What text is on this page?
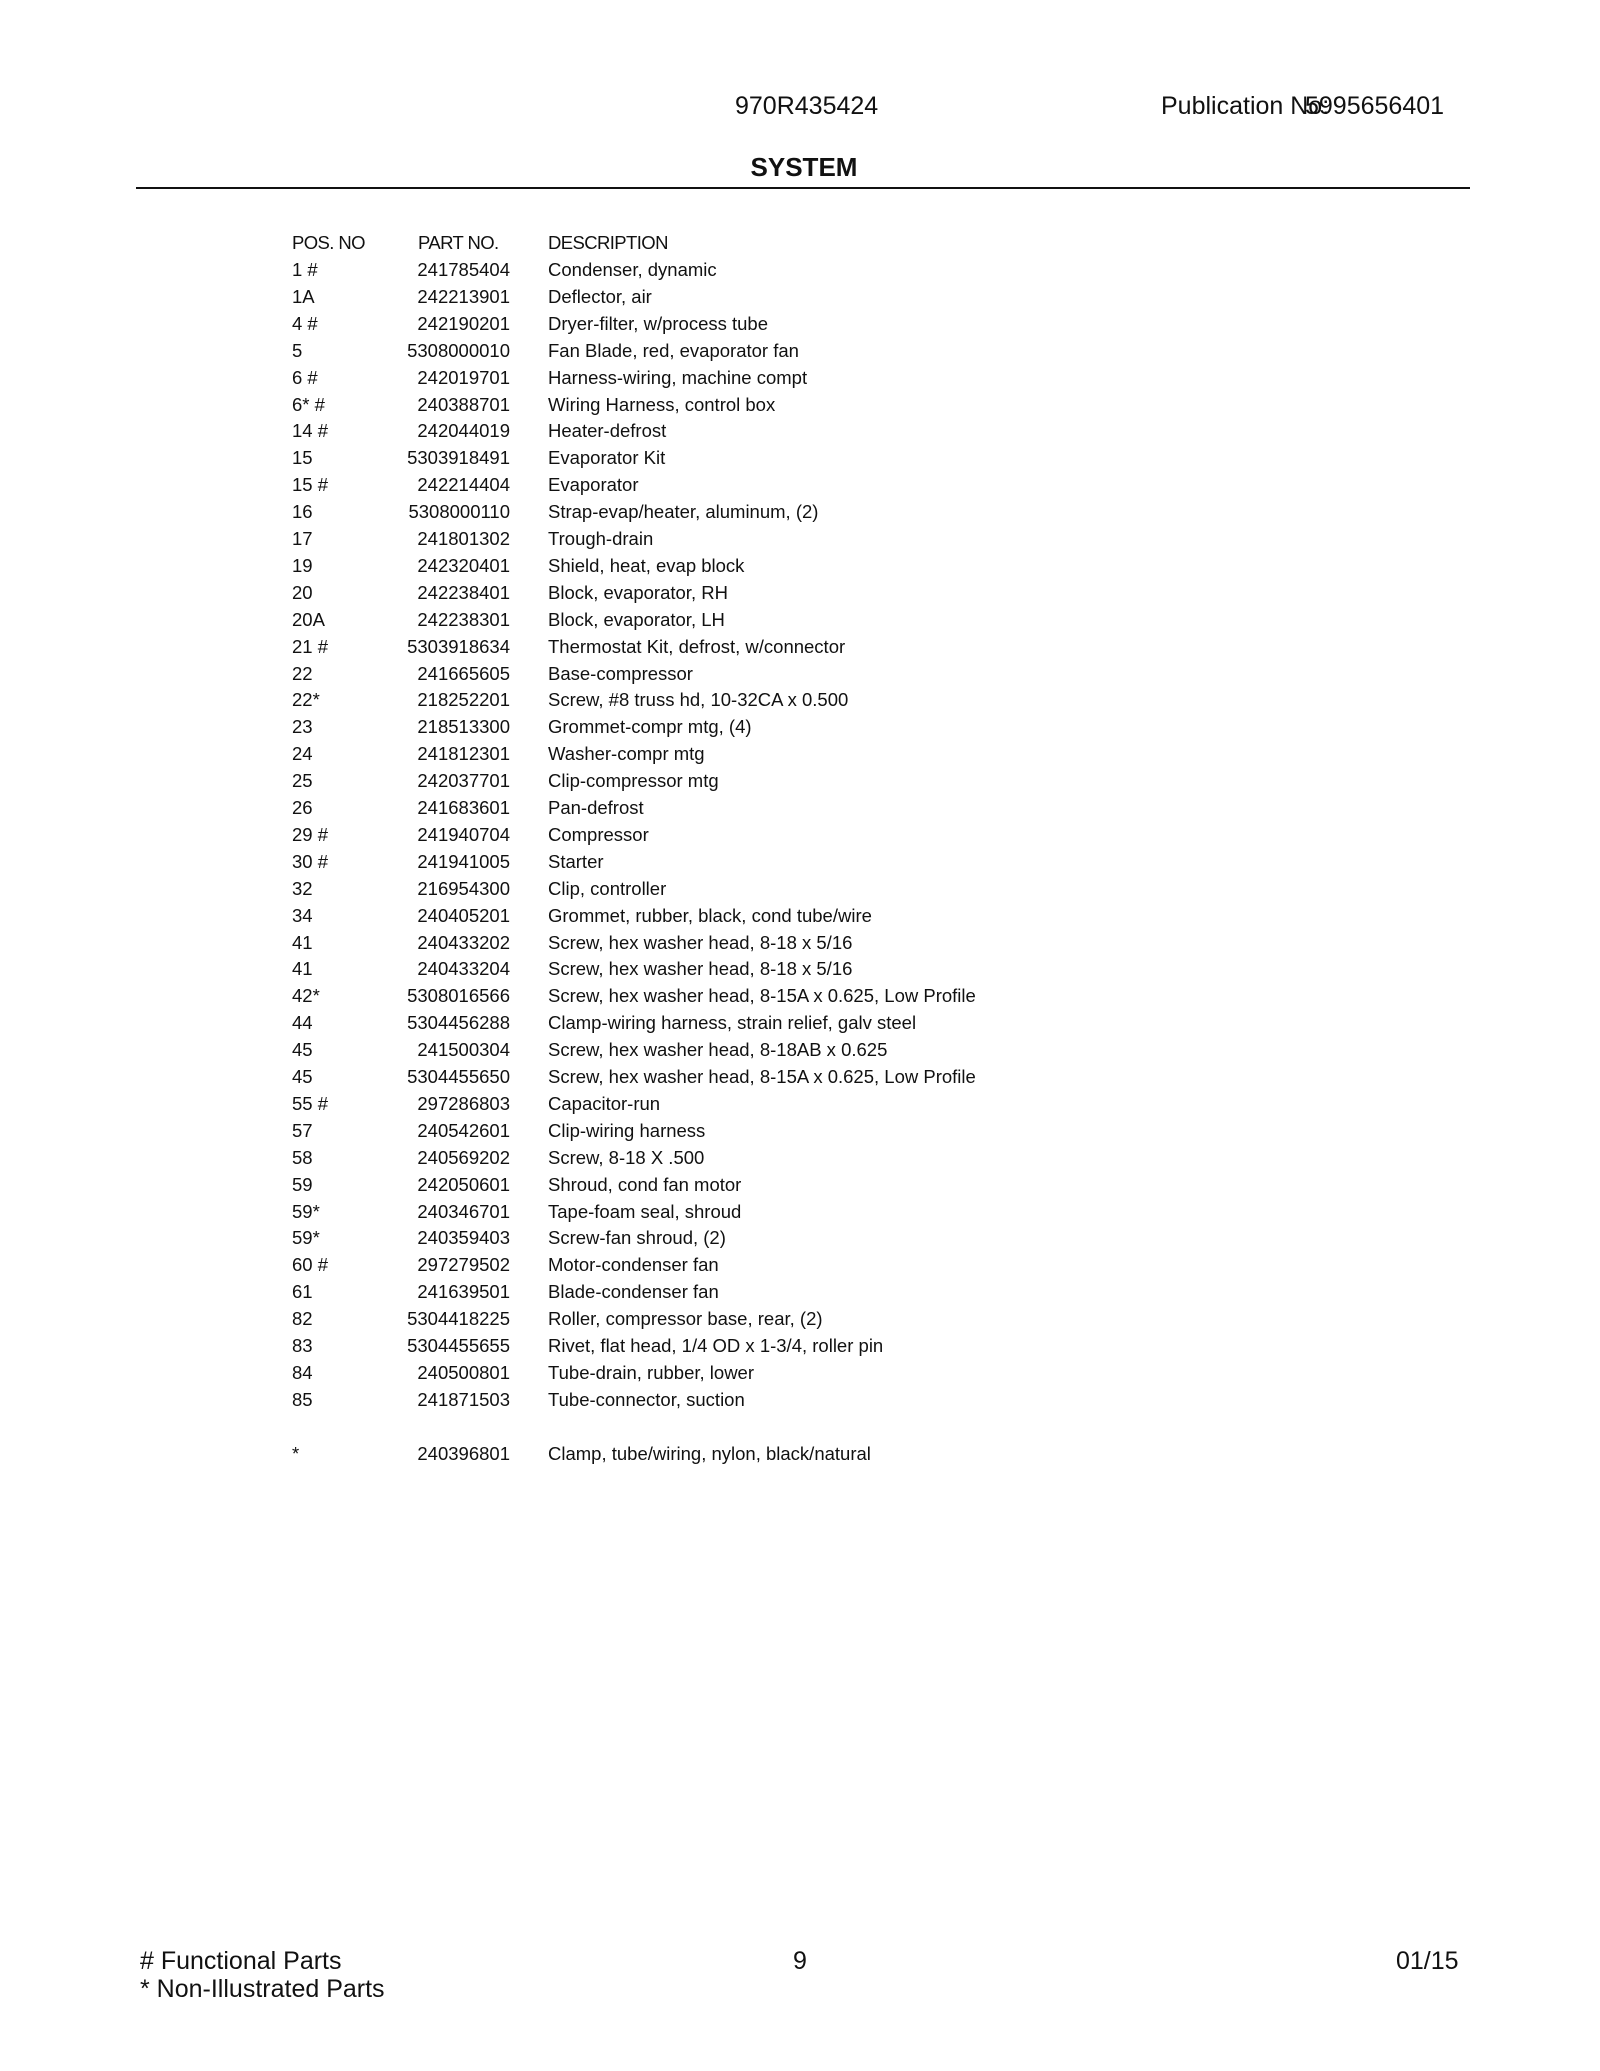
970R435424	Publication No:
5995656401
SYSTEM
POS. NO	PART NO.	DESCRIPTION
1 #	241785404 Condenser, dynamic
1A	242213901 Deflector, air
4 #	242190201 Dryer-filter, w/process tube
5	5308000010 Fan Blade, red, evaporator fan
6 #	242019701 Harness-wiring, machine compt
6* #	240388701 Wiring Harness, control box
14 #	242044019 Heater-defrost
15	5303918491 Evaporator Kit
15 #	242214404 Evaporator
16	5308000110 Strap-evap/heater, aluminum, (2)
17	241801302 Trough-drain
19	242320401 Shield, heat, evap block
20	242238401 Block, evaporator, RH
20A	242238301 Block, evaporator, LH
21 #	5303918634 Thermostat Kit, defrost, w/connector
22	241665605 Base-compressor
22*	218252201 Screw, #8 truss hd, 10-32CA x 0.500
23	218513300 Grommet-compr mtg, (4)
24	241812301 Washer-compr mtg
25	242037701 Clip-compressor mtg
26	241683601 Pan-defrost
29 #	241940704 Compressor
30 #	241941005 Starter
32	216954300 Clip, controller
34	240405201 Grommet, rubber, black, cond tube/wire
41	240433202 Screw, hex washer head, 8-18 x 5/16
41	240433204 Screw, hex washer head, 8-18 x 5/16
42*	5308016566 Screw, hex washer head, 8-15A x 0.625, Low Profile
44	5304456288 Clamp-wiring harness, strain relief, galv steel
45	241500304 Screw, hex washer head, 8-18AB x 0.625
45	5304455650 Screw, hex washer head, 8-15A x 0.625, Low Profile
55 #	297286803 Capacitor-run
57	240542601 Clip-wiring harness
58	240569202 Screw, 8-18 X .500
59	242050601 Shroud, cond fan motor
59*	240346701 Tape-foam seal, shroud
59*	240359403 Screw-fan shroud, (2)
60 #	297279502 Motor-condenser fan
61	241639501 Blade-condenser fan
82	5304418225 Roller, compressor base, rear, (2)
83	5304455655 Rivet, flat head, 1/4 OD x 1-3/4, roller pin
84	240500801 Tube-drain, rubber, lower
85	241871503 Tube-connector, suction
*	240396801 Clamp, tube/wiring, nylon, black/natural
# Functional Parts
* Non-Illustrated Parts
9	01/15
